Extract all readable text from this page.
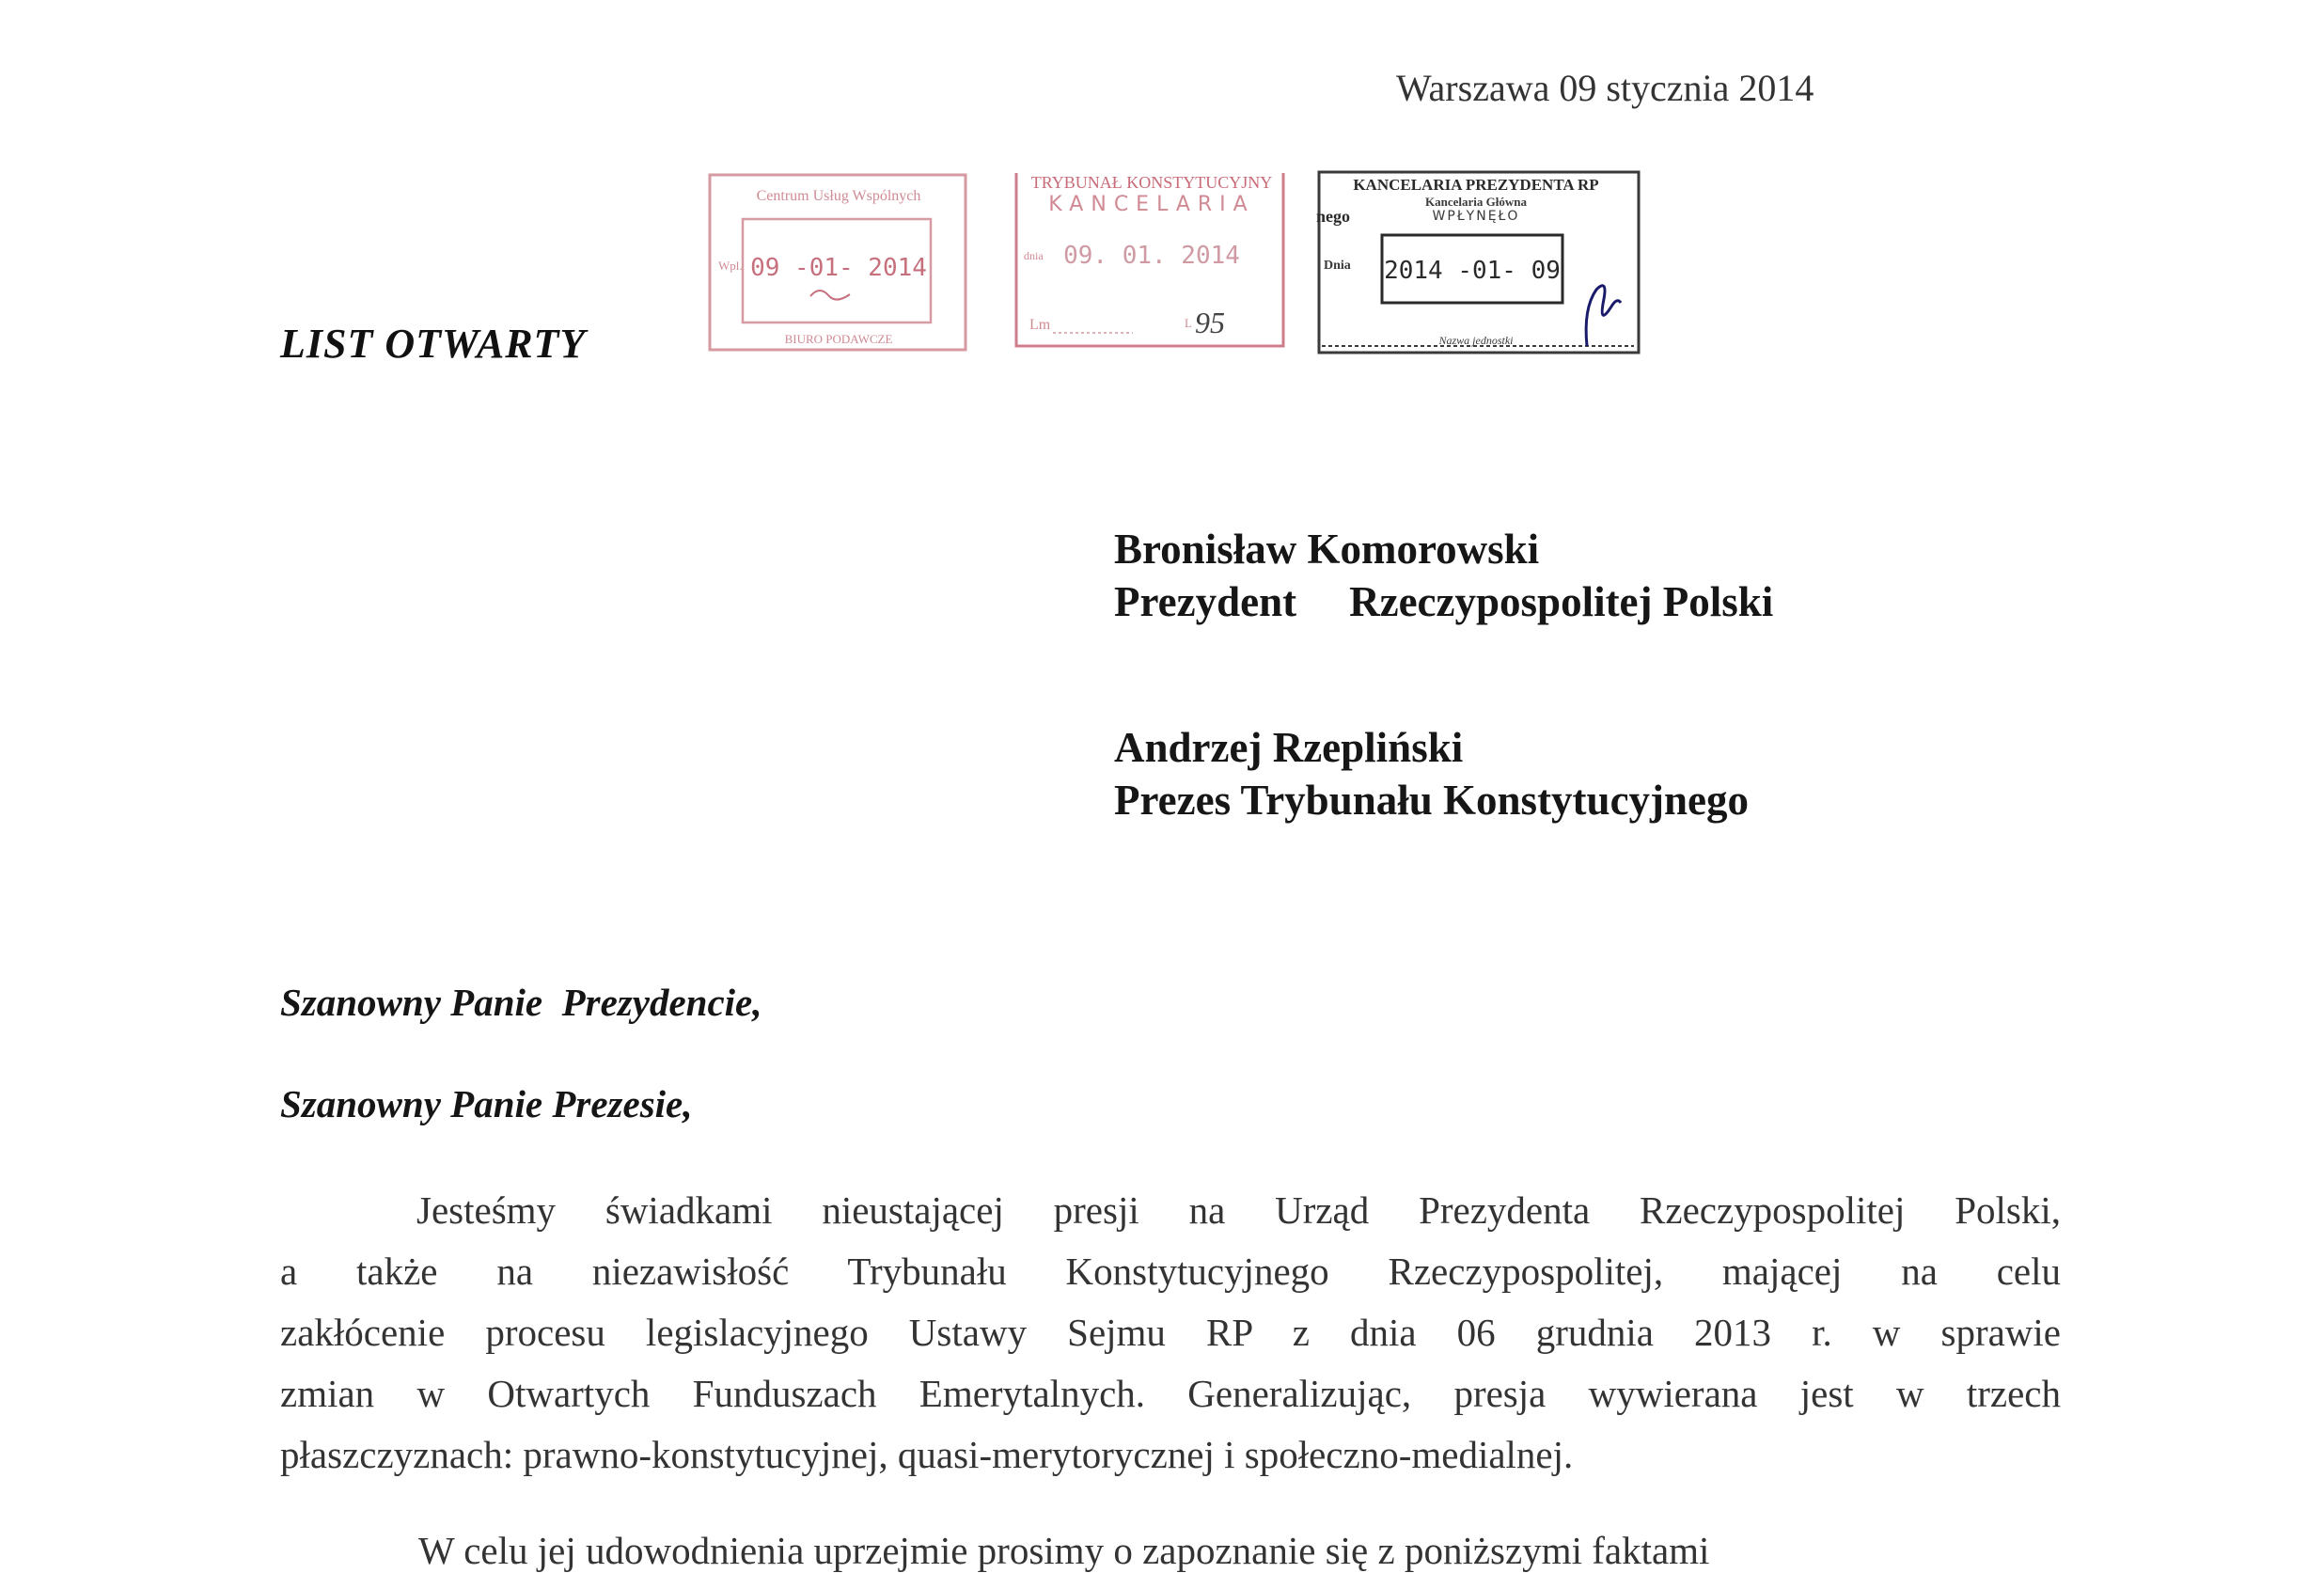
Warszawa 09 stycznia 2014
LIST OTWARTY
Centrum Usług Wspólnych
Wpl. 09 -01- 2014
BIURO PODAWCZE
TRYBUNAŁ KONSTYTUCYJNY
KANCELARIA
dnia 09. 01. 2014
Lm	L 95
KANCELARIA PREZYDENTA RP
Kancelaria Główna
WPŁYNĘŁO
nego
Dnia 2014 -01- 09
Nazwa jednostki
Bronisław Komorowski
Prezydent Rzeczypospolitej Polski
Andrzej Rzepliński
Prezes Trybunału Konstytucyjnego
Szanowny Panie  Prezydencie,
Szanowny Panie Prezesie,
Jesteśmy świadkami nieustającej presji na Urząd Prezydenta Rzeczypospolitej Polski,
a także na niezawisłość Trybunału Konstytucyjnego Rzeczypospolitej, mającej na celu
zakłócenie procesu legislacyjnego Ustawy Sejmu RP z dnia 06 grudnia 2013 r. w sprawie
zmian w Otwartych Funduszach Emerytalnych. Generalizując, presja wywierana jest w trzech
płaszczyznach: prawno-konstytucyjnej, quasi-merytorycznej i społeczno-medialnej.
W celu jej udowodnienia uprzejmie prosimy o zapoznanie się z poniższymi faktami
